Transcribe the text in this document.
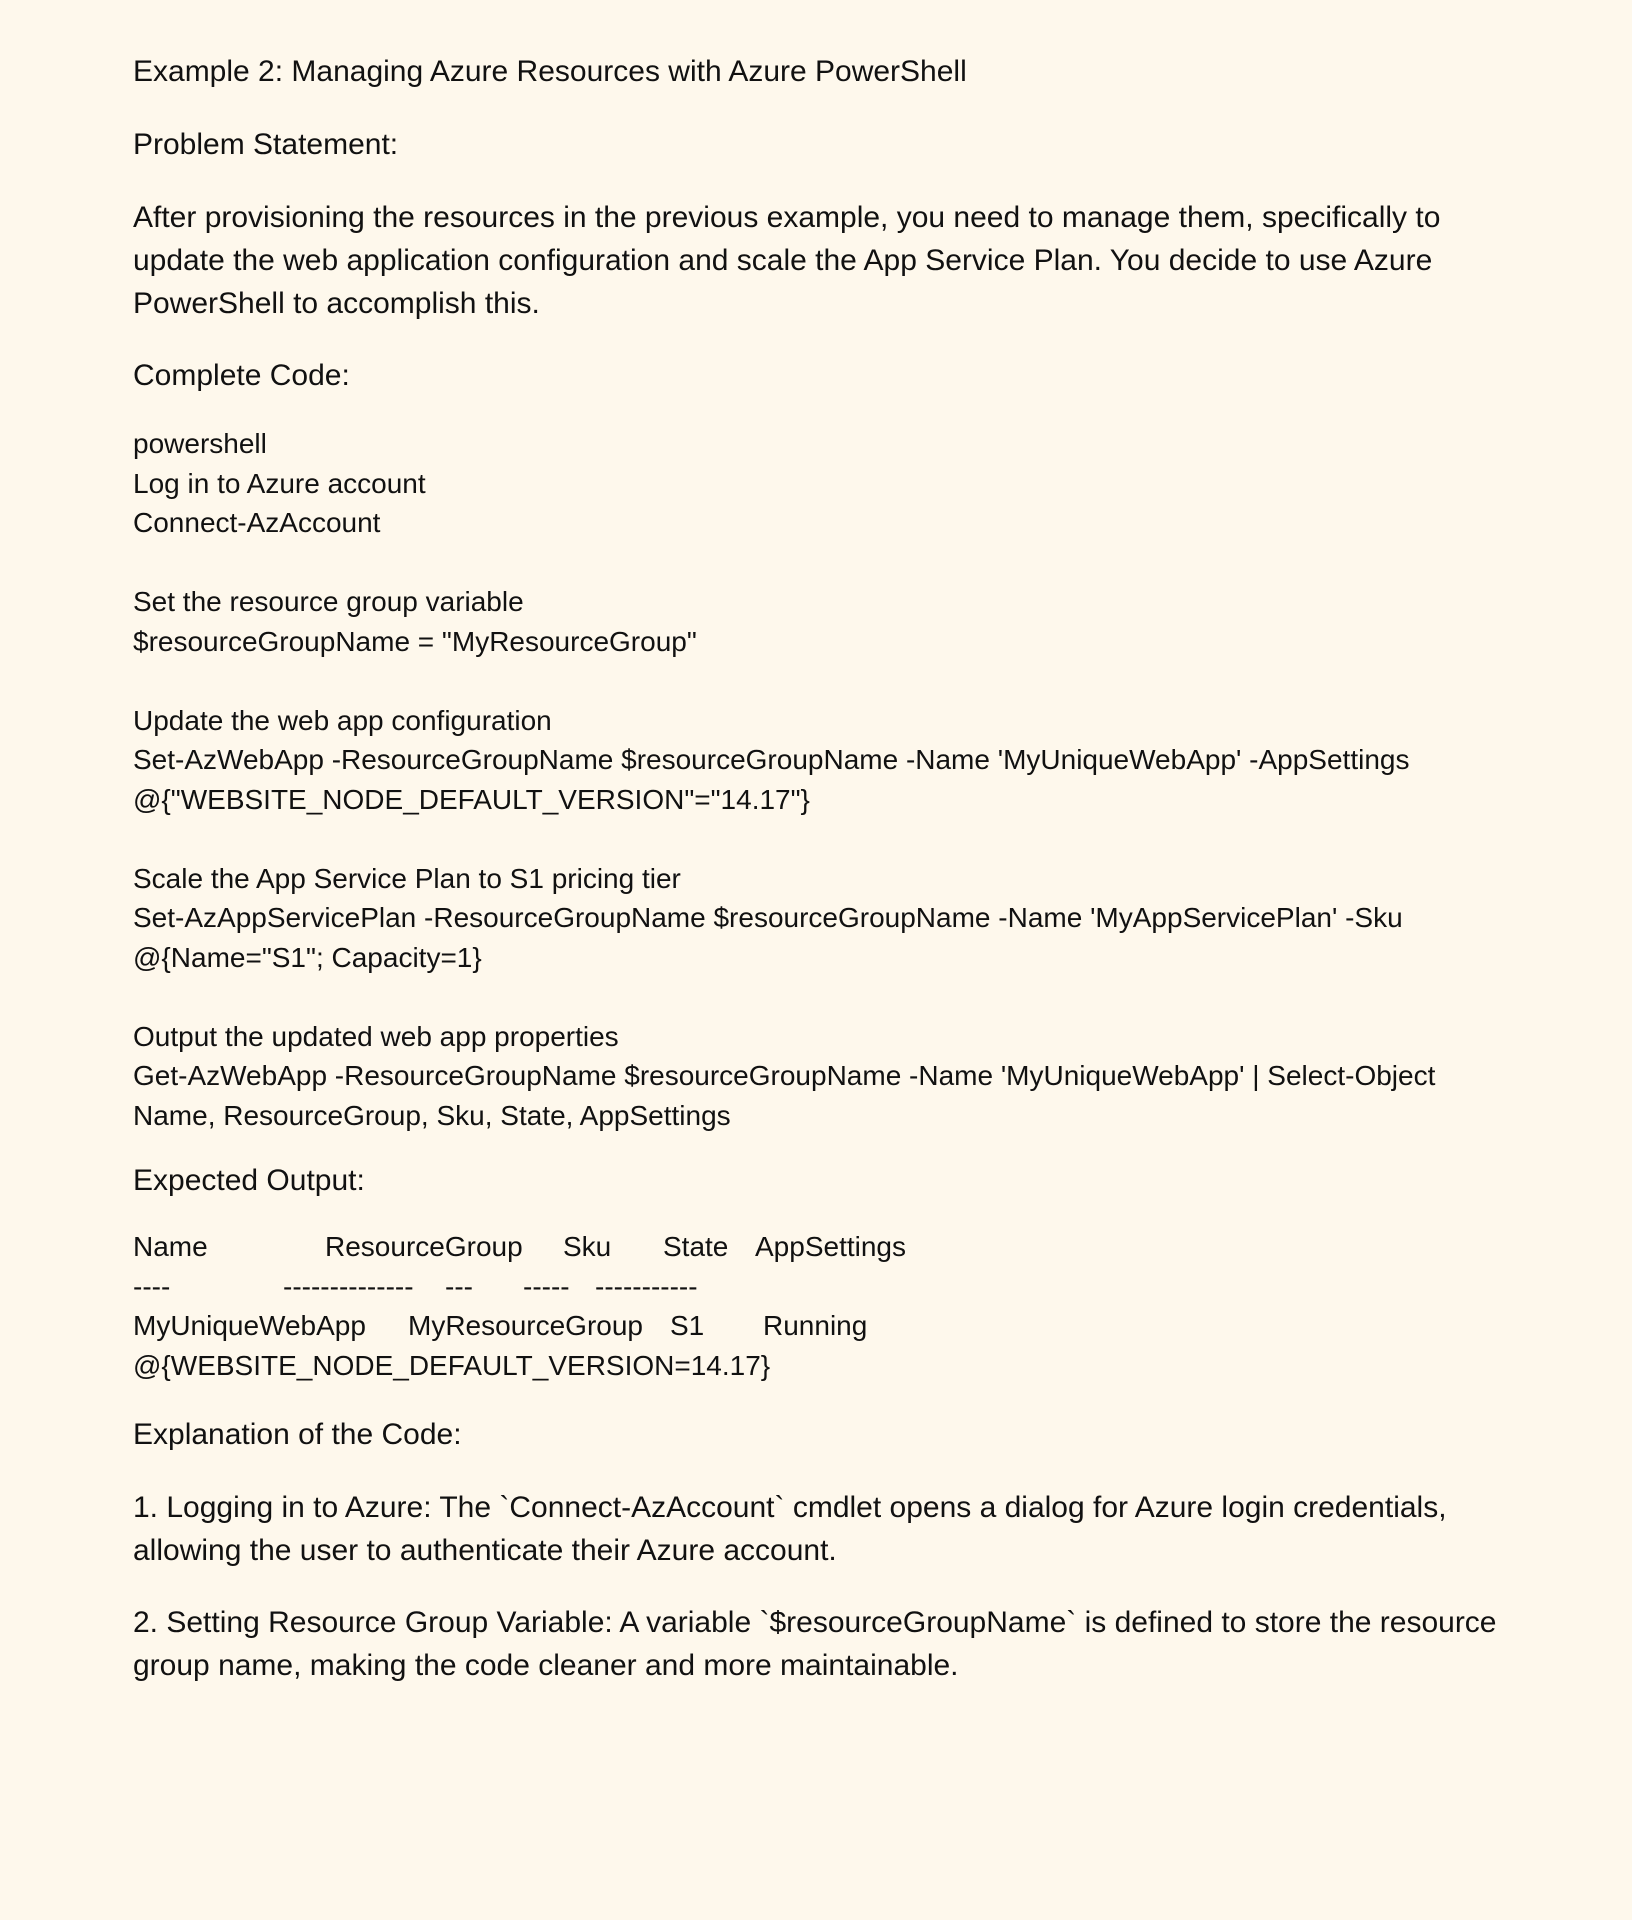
Example 2: Managing Azure Resources with Azure PowerShell

Problem Statement:

After provisioning the resources in the previous example, you need to manage them, specifically to update the web application configuration and scale the App Service Plan. You decide to use Azure PowerShell to accomplish this.

Complete Code:

powershell
Log in to Azure account
Connect-AzAccount
Set the resource group variable
$resourceGroupName = "MyResourceGroup"
Update the web app configuration
Set-AzWebApp -ResourceGroupName $resourceGroupName -Name 'MyUniqueWebApp' -AppSettings
@{"WEBSITE_NODE_DEFAULT_VERSION"="14.17"}
Scale the App Service Plan to S1 pricing tier
Set-AzAppServicePlan -ResourceGroupName $resourceGroupName -Name 'MyAppServicePlan' -Sku
@{Name="S1"; Capacity=1}
Output the updated web app properties
Get-AzWebApp -ResourceGroupName $resourceGroupName -Name 'MyUniqueWebApp' | Select-Object
Name, ResourceGroup, Sku, State, AppSettings

Expected Output:

Name	ResourceGroup Sku State AppSettings
----	-------------- --- ----- -----------
MyUniqueWebApp MyResourceGroup S1 Running
@{WEBSITE_NODE_DEFAULT_VERSION=14.17}

Explanation of the Code:

1. Logging in to Azure: The `Connect-AzAccount` cmdlet opens a dialog for Azure login credentials, allowing the user to authenticate their Azure account.

2. Setting Resource Group Variable: A variable `$resourceGroupName` is defined to store the resource group name, making the code cleaner and more maintainable.
